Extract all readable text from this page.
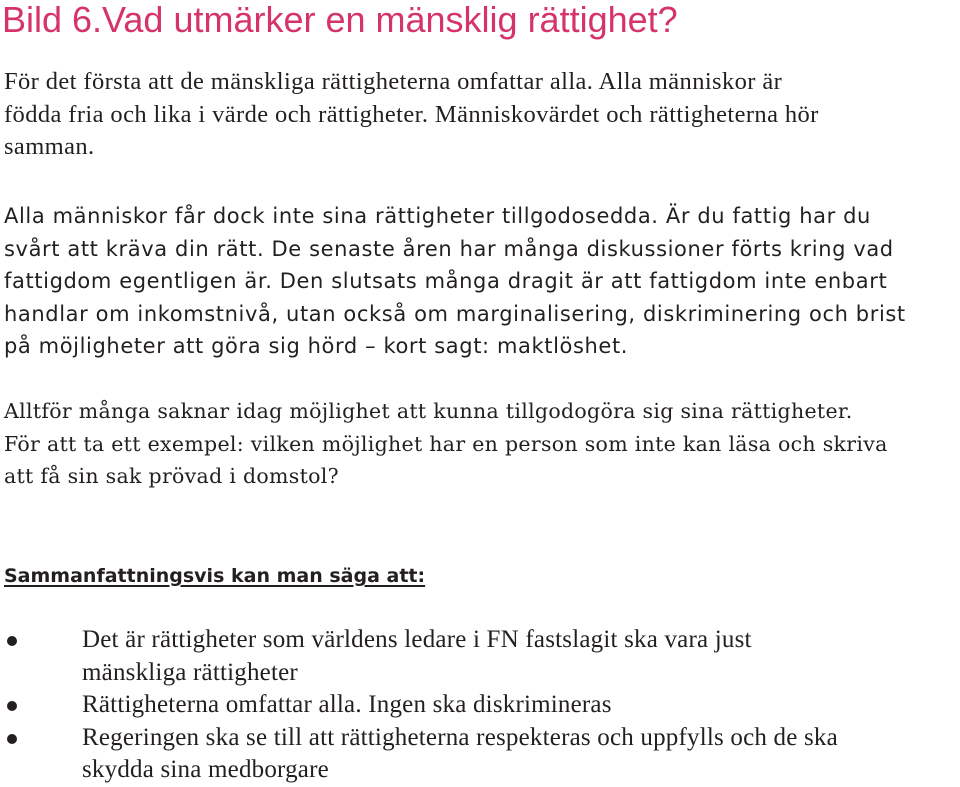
Bild 6.Vad utmärker en mänsklig rättighet?

För det första att de mänskliga rättigheterna omfattar alla. Alla människor är
födda fria och lika i värde och rättigheter. Människovärdet och rättigheterna hör
samman.

Alla människor får dock inte sina rättigheter tillgodosedda. Är du fattig har du
svårt att kräva din rätt. De senaste åren har många diskussioner förts kring vad
fattigdom egentligen är. Den slutsats många dragit är att fattigdom inte enbart
handlar om inkomstnivå, utan också om marginalisering, diskriminering och brist
på möjligheter att göra sig hörd – kort sagt: maktlöshet.

Alltför många saknar idag möjlighet att kunna tillgodogöra sig sina rättigheter.
För att ta ett exempel: vilken möjlighet har en person som inte kan läsa och skriva
att få sin sak prövad i domstol?

Sammanfattningsvis kan man säga att:
Det är rättigheter som världens ledare i FN fastslagit ska vara just
mänskliga rättigheter
Rättigheterna omfattar alla. Ingen ska diskrimineras
Regeringen ska se till att rättigheterna respekteras och uppfylls och de ska
skydda sina medborgare
